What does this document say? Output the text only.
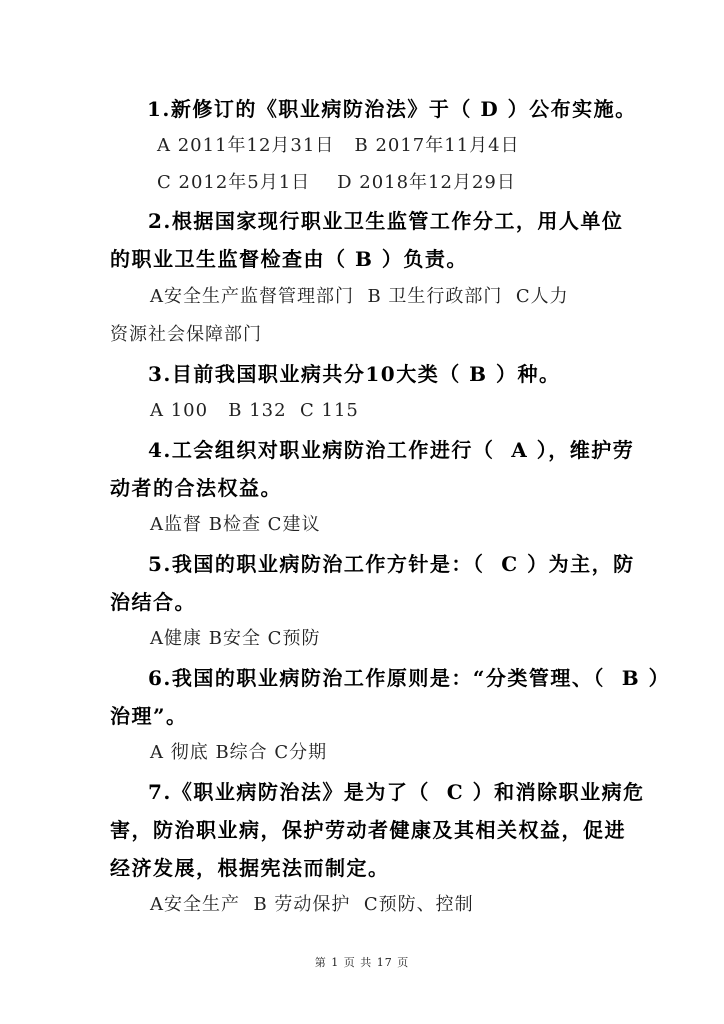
1.新修订的《职业病防治法》于（ D ）公布实施。
A 2011年12月31日   B 2017年11月4日
C 2012年5月1日    D 2018年12月29日
2.根据国家现行职业卫生监管工作分工，用人单位
的职业卫生监督检查由（ B ）负责。
A安全生产监督管理部门  B 卫生行政部门  C人力
资源社会保障部门
3.目前我国职业病共分10大类（ B ）种。
A 100   B 132  C 115
4.工会组织对职业病防治工作进行（  A ），维护劳
动者的合法权益。
A监督 B检查 C建议
5.我国的职业病防治工作方针是：（  C ）为主，防
治结合。
A健康 B安全 C预防
6.我国的职业病防治工作原则是：“分类管理、（  B ）
治理”。
A 彻底 B综合 C分期
7.《职业病防治法》是为了（  C ）和消除职业病危
害，防治职业病，保护劳动者健康及其相关权益，促进
经济发展，根据宪法而制定。
A安全生产  B 劳动保护  C预防、控制
第 1 页 共 17 页
